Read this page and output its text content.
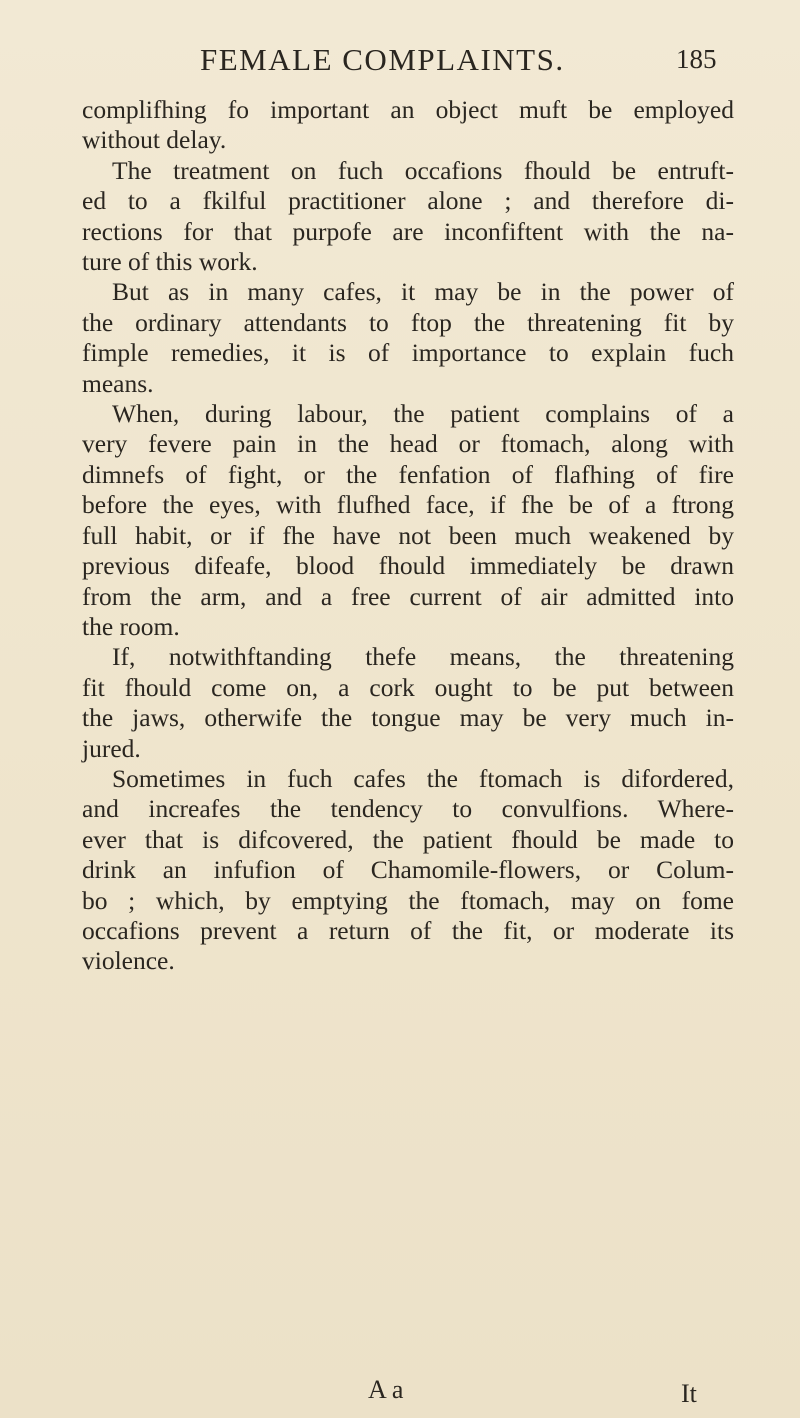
FEMALE COMPLAINTS.	185
complifhing fo important an object muft be employed
without delay.
The treatment on fuch occafions fhould be entruft-
ed to a fkilful practitioner alone ; and therefore di-
rections for that purpofe are inconfiftent with the na-
ture of this work.
But as in many cafes, it may be in the power of
the ordinary attendants to ftop the threatening fit by
fimple remedies, it is of importance to explain fuch
means.
When, during labour, the patient complains of a
very fevere pain in the head or ftomach, along with
dimnefs of fight, or the fenfation of flafhing of fire
before the eyes, with flufhed face, if fhe be of a ftrong
full habit, or if fhe have not been much weakened by
previous difeafe, blood fhould immediately be drawn
from the arm, and a free current of air admitted into
the room.
If, notwithftanding thefe means, the threatening
fit fhould come on, a cork ought to be put between
the jaws, otherwife the tongue may be very much in-
jured.
Sometimes in fuch cafes the ftomach is difordered,
and increafes the tendency to convulfions. Where-
ever that is difcovered, the patient fhould be made to
drink an infufion of Chamomile-flowers, or Colum-
bo ; which, by emptying the ftomach, may on fome
occafions prevent a return of the fit, or moderate its
violence.
A a	It
